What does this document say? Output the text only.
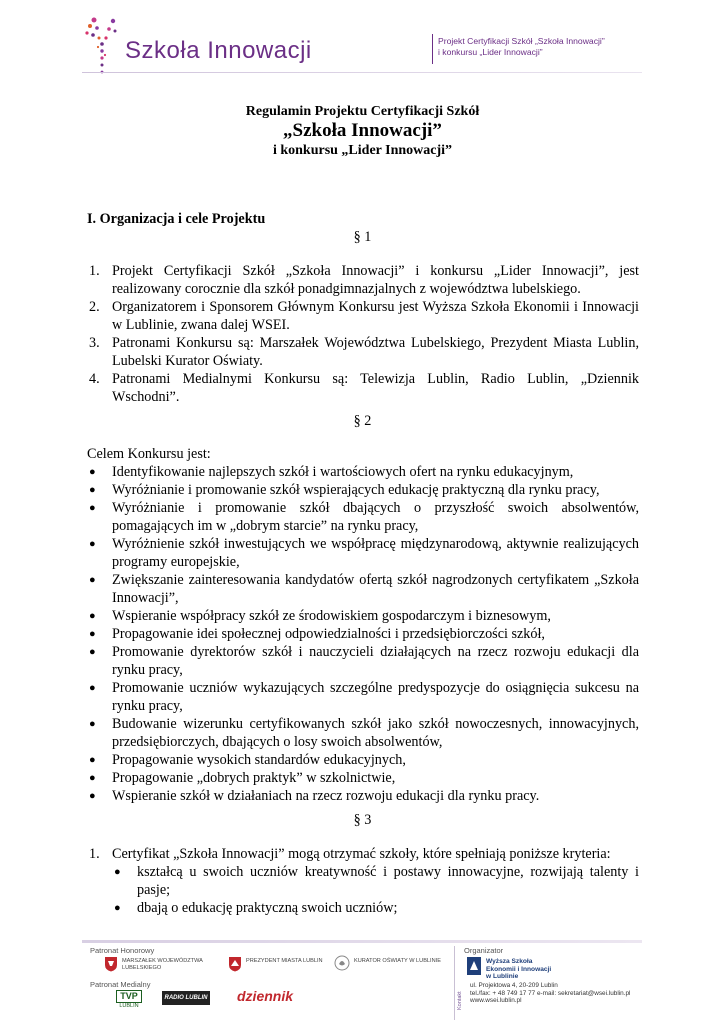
Szkoła Innowacji	Projekt Certyfikacji Szkół „Szkoła Innowacji”
i konkursu „Lider Innowacji”
Regulamin Projektu Certyfikacji Szkół
„Szkoła Innowacji”
i konkursu „Lider Innowacji”
I. Organizacja i cele Projektu
§ 1
1. Projekt Certyfikacji Szkół „Szkoła Innowacji” i konkursu „Lider Innowacji”, jest realizowany corocznie dla szkół ponadgimnazjalnych z województwa lubelskiego.
2. Organizatorem i Sponsorem Głównym Konkursu jest Wyższa Szkoła Ekonomii i Innowacji w Lublinie, zwana dalej WSEI.
3. Patronami Konkursu są: Marszałek Województwa Lubelskiego, Prezydent Miasta Lublin, Lubelski Kurator Oświaty.
4. Patronami Medialnymi Konkursu są: Telewizja Lublin, Radio Lublin, „Dziennik Wschodni”.
§ 2
Celem Konkursu jest:
● Identyfikowanie najlepszych szkół i wartościowych ofert na rynku edukacyjnym,
● Wyróżnianie i promowanie szkół wspierających edukację praktyczną dla rynku pracy,
● Wyróżnianie i promowanie szkół dbających o przyszłość swoich absolwentów, pomagających im w „dobrym starcie” na rynku pracy,
● Wyróżnienie szkół inwestujących we współpracę międzynarodową, aktywnie realizujących programy europejskie,
● Zwiększanie zainteresowania kandydatów ofertą szkół nagrodzonych certyfikatem „Szkoła Innowacji”,
● Wspieranie współpracy szkół ze środowiskiem gospodarczym i biznesowym,
● Propagowanie idei społecznej odpowiedzialności i przedsiębiorczości szkół,
● Promowanie dyrektorów szkół i nauczycieli działających na rzecz rozwoju edukacji dla rynku pracy,
● Promowanie uczniów wykazujących szczególne predyspozycje do osiągnięcia sukcesu na rynku pracy,
● Budowanie wizerunku certyfikowanych szkół jako szkół nowoczesnych, innowacyjnych, przedsiębiorczych, dbających o losy swoich absolwentów,
● Propagowanie wysokich standardów edukacyjnych,
● Propagowanie „dobrych praktyk” w szkolnictwie,
● Wspieranie szkół w działaniach na rzecz rozwoju edukacji dla rynku pracy.
§ 3
1. Certyfikat „Szkoła Innowacji” mogą otrzymać szkoły, które spełniają poniższe kryteria:
● kształcą u swoich uczniów kreatywność i postawy innowacyjne, rozwijają talenty i pasje;
● dbają o edukację praktyczną swoich uczniów;
Patronat Honorowy
MARSZAŁEK WOJEWÓDZTWA LUBELSKIEGO
PREZYDENT MIASTA LUBLIN	KURATOR OŚWIATY W LUBLINIE
Patronat Medialny
TVP
LUBLIN
RADIO LUBLIN dziennik
Organizator
Wyższa Szkoła
Ekonomii i Innowacji
w Lublinie
Kontakt
ul. Projektowa 4, 20-209 Lublin
tel./fax: + 48 749 17 77 e-mail: sekretariat@wsei.lublin.pl
www.wsei.lublin.pl
